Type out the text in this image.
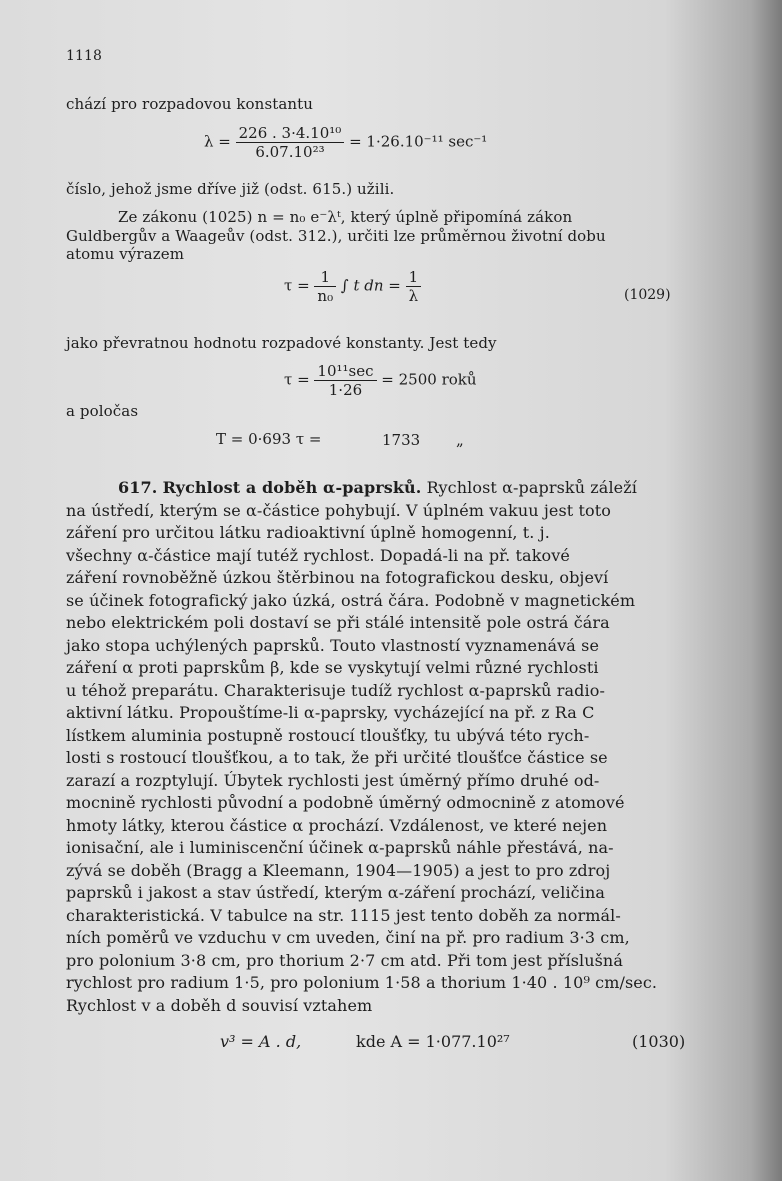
1118
chází pro rozpadovou konstantu
$\lambda = \frac{\text{226 . 3·4.10¹⁰}}{\text{6.07.10²³}} = 1\cdot 26.10^{-11}$ sec⁻¹
číslo, jehož jsme dříve již (odst. 615.) užili.
Ze zákonu (1025) n = n₀ e⁻λᵗ, který úplně připomíná zákon
Guldbergův a Waageův (odst. 312.), určiti lze průměrnou životní dobu
atomu výrazem
$\tau = \frac{1}{\text{n₀}}$ ∫ t dn = $\frac{1}{\lambda}$	(1029)
jako převratnou hodnotu rozpadové konstanty. Jest tedy
$\tau = \frac{\text{10¹¹sec}}{1\cdot 26} = 2500$ roků
a poločas
T = 0·693 τ =	1733 „
617. Rychlost a doběh α-paprsků. Rychlost α-paprsků záleží
na ústředí, kterým se α-částice pohybují. V úplném vakuu jest toto
záření pro určitou látku radioaktivní úplně homogenní, t. j.
všechny α-částice mají tutéž rychlost. Dopadá-li na př. takové
záření rovnoběžně úzkou štěrbinou na fotografickou desku, objeví
se účinek fotografický jako úzká, ostrá čára. Podobně v magnetickém
nebo elektrickém poli dostaví se při stálé intensitě pole ostrá čára
jako stopa uchýlených paprsků. Touto vlastností vyznamenává se
záření α proti paprskům β, kde se vyskytují velmi různé rychlosti
u téhož preparátu. Charakterisuje tudíž rychlost α-paprsků radio-
aktivní látku. Propouštíme-li α-paprsky, vycházející na př. z Ra C
lístkem aluminia postupně rostoucí tloušťky, tu ubývá této rych-
losti s rostoucí tloušťkou, a to tak, že při určité tloušťce částice se
zarazí a rozptylují. Úbytek rychlosti jest úměrný přímo druhé od-
mocnině rychlosti původní a podobně úměrný odmocnině z atomové
hmoty látky, kterou částice α prochází. Vzdálenost, ve které nejen
ionisační, ale i luminiscenční účinek α-paprsků náhle přestává, na-
zývá se doběh (Bragg a Kleemann, 1904—1905) a jest to pro zdroj
paprsků i jakost a stav ústředí, kterým α-záření prochází, veličina
charakteristická. V tabulce na str. 1115 jest tento doběh za normál-
ních poměrů ve vzduchu v cm uveden, činí na př. pro radium 3·3 cm,
pro polonium 3·8 cm, pro thorium 2·7 cm atd. Při tom jest příslušná
rychlost pro radium 1·5, pro polonium 1·58 a thorium 1·40 . 10⁹ cm/sec.
Rychlost v a doběh d souvisí vztahem
v³ = A . d,	kde A = 1·077.10²⁷	(1030)
